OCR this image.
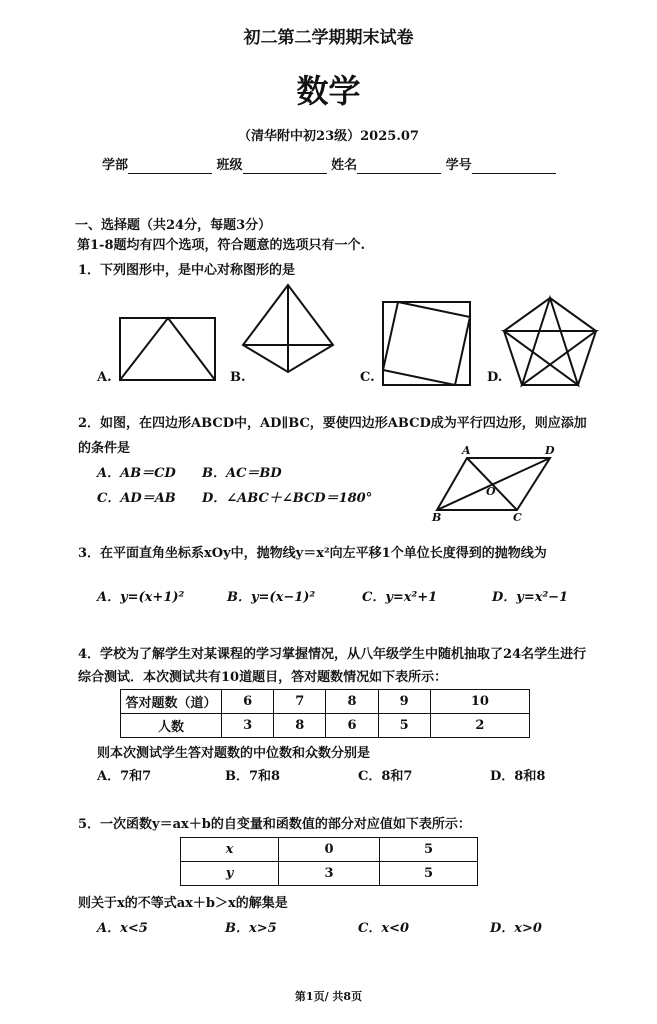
初二第二学期期末试卷
数学
（清华附中初23级）2025.07
学部	班级	姓名	学号
一、选择题（共24分，每题3分）
第1-8题均有四个选项，符合题意的选项只有一个.
1．下列图形中，是中心对称图形的是
A.	B.	C.	D.
2．如图，在四边形ABCD中，AD∥BC，要使四边形ABCD成为平行四边形，则应添加
的条件是
A．AB＝CD B．AC＝BD
C．AD＝AB D．∠ABC＋∠BCD＝180°
A	D
B	C
O
3．在平面直角坐标系xOy中，抛物线y＝x²向左平移1个单位长度得到的抛物线为
A．y=(x+1)²	B．y=(x−1)²	C．y=x²+1	D．y=x²−1
4．学校为了解学生对某课程的学习掌握情况，从八年级学生中随机抽取了24名学生进行
综合测试．本次测试共有10道题目，答对题数情况如下表所示：
答对题数（道）	6	7	8	9	10
人数	3	8	6	5	2
则本次测试学生答对题数的中位数和众数分别是
A．7和7	B．7和8	C．8和7	D．8和8
5．一次函数y＝ax＋b的自变量和函数值的部分对应值如下表所示：
x	0	5
y	3	5
则关于x的不等式ax＋b＞x的解集是
A．x<5	B．x>5	C．x<0	D．x>0
第1页/ 共8页
